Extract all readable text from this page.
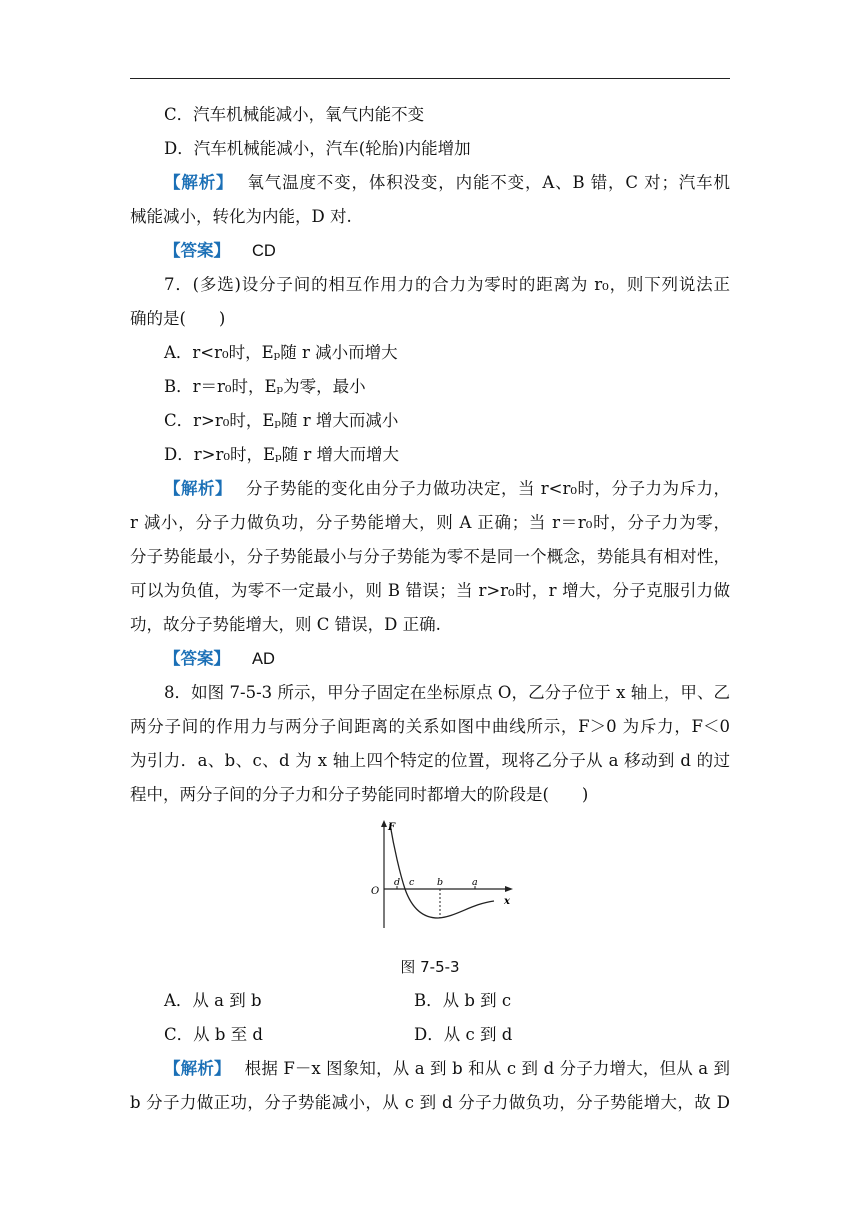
C．汽车机械能减小，氧气内能不变
D．汽车机械能减小，汽车(轮胎)内能增加
【解析】 氧气温度不变，体积没变，内能不变，A、B 错，C 对；汽车机
械能减小，转化为内能，D 对.
【答案】 CD
7．(多选)设分子间的相互作用力的合力为零时的距离为 r₀，则下列说法正
确的是(　　)
A．r<r₀时，Eₚ随 r 减小而增大
B．r＝r₀时，Eₚ为零，最小
C．r>r₀时，Eₚ随 r 增大而减小
D．r>r₀时，Eₚ随 r 增大而增大
【解析】 分子势能的变化由分子力做功决定，当 r<r₀时，分子力为斥力，
r 减小，分子力做负功，分子势能增大，则 A 正确；当 r＝r₀时，分子力为零，
分子势能最小，分子势能最小与分子势能为零不是同一个概念，势能具有相对性，
可以为负值，为零不一定最小，则 B 错误；当 r>r₀时，r 增大，分子克服引力做
功，故分子势能增大，则 C 错误，D 正确.
【答案】 AD
8．如图 7-5-3 所示，甲分子固定在坐标原点 O，乙分子位于 x 轴上，甲、乙
两分子间的作用力与两分子间距离的关系如图中曲线所示，F＞0 为斥力，F＜0
为引力．a、b、c、d 为 x 轴上四个特定的位置，现将乙分子从 a 移动到 d 的过
程中，两分子间的分子力和分子势能同时都增大的阶段是(　　)
F
x
O
d c b	a
图 7-5-3
A．从 a 到 b	B．从 b 到 c
C．从 b 至 d	D．从 c 到 d
【解析】 根据 F－x 图象知，从 a 到 b 和从 c 到 d 分子力增大，但从 a 到
b 分子力做正功，分子势能减小，从 c 到 d 分子力做负功，分子势能增大，故 D
